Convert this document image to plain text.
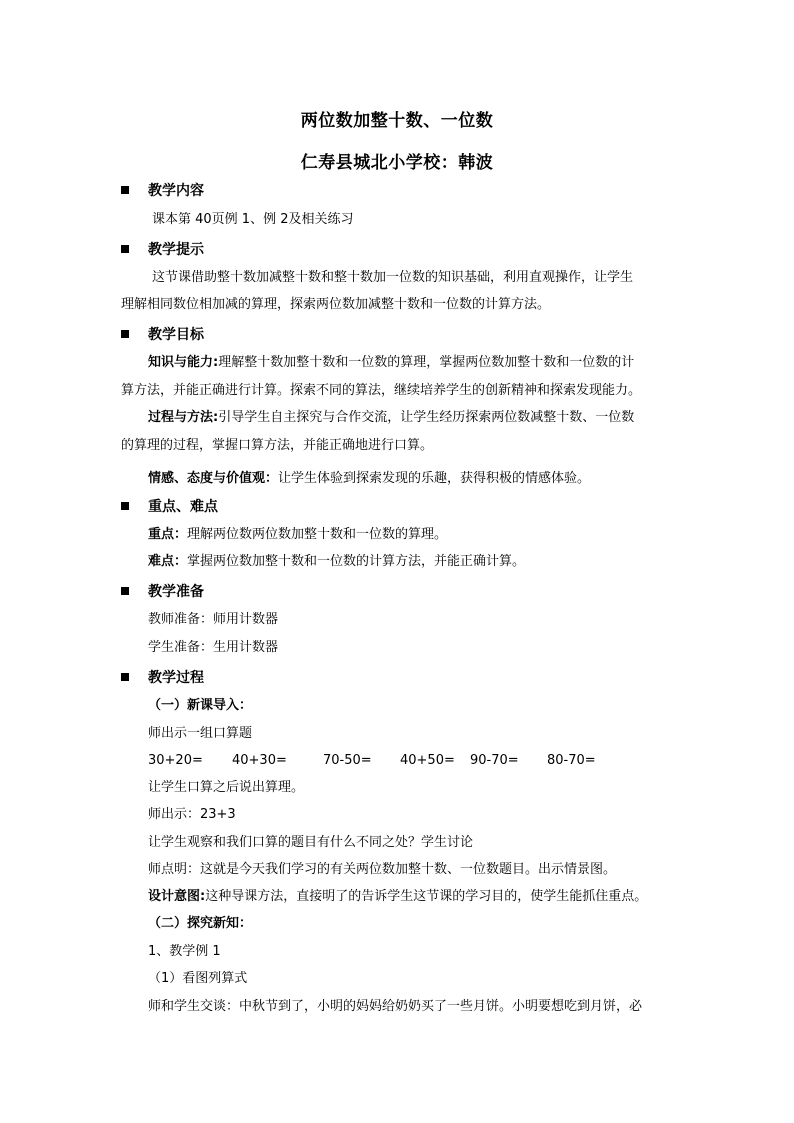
两位数加整十数、一位数
仁寿县城北小学校：韩波
教学内容
课本第 40页例 1、例 2及相关练习
教学提示
这节课借助整十数加减整十数和整十数加一位数的知识基础，利用直观操作，让学生
理解相同数位相加减的算理，探索两位数加减整十数和一位数的计算方法。
教学目标
知识与能力:理解整十数加整十数和一位数的算理，掌握两位数加整十数和一位数的计
算方法，并能正确进行计算。探索不同的算法，继续培养学生的创新精神和探索发现能力。
过程与方法:引导学生自主探究与合作交流，让学生经历探索两位数减整十数、一位数
的算理的过程，掌握口算方法，并能正确地进行口算。
情感、态度与价值观：让学生体验到探索发现的乐趣，获得积极的情感体验。
重点、难点
重点：理解两位数两位数加整十数和一位数的算理。
难点：掌握两位数加整十数和一位数的计算方法，并能正确计算。
教学准备
教师准备：师用计数器
学生准备：生用计数器
教学过程
（一）新课导入：
师出示一组口算题
30+20= 40+30=	70-50= 40+50= 90-70= 80-70=
让学生口算之后说出算理。
师出示：23+3
让学生观察和我们口算的题目有什么不同之处？学生讨论
师点明：这就是今天我们学习的有关两位数加整十数、一位数题目。出示情景图。
设计意图:这种导课方法，直接明了的告诉学生这节课的学习目的，使学生能抓住重点。
（二）探究新知：
1、教学例 1
（1）看图列算式
师和学生交谈：中秋节到了，小明的妈妈给奶奶买了一些月饼。小明要想吃到月饼，必
